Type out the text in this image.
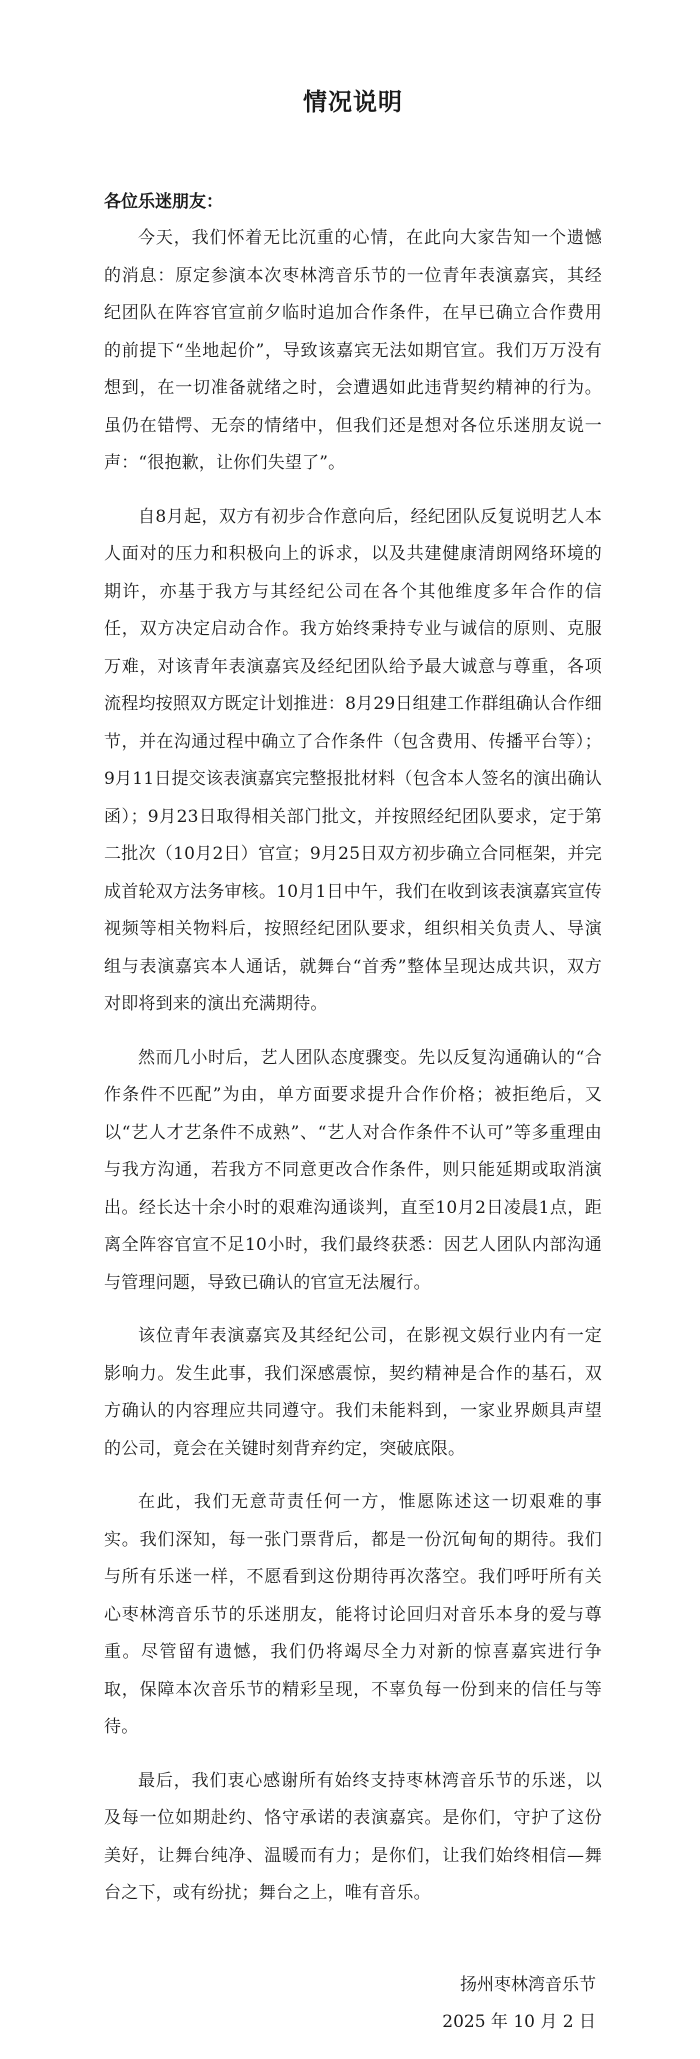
情况说明

各位乐迷朋友：

今天，我们怀着无比沉重的心情，在此向大家告知一个遗憾的消息：原定参演本次枣林湾音乐节的一位青年表演嘉宾，其经纪团队在阵容官宣前夕临时追加合作条件，在早已确立合作费用的前提下“坐地起价”，导致该嘉宾无法如期官宣。我们万万没有想到，在一切准备就绪之时，会遭遇如此违背契约精神的行为。虽仍在错愕、无奈的情绪中，但我们还是想对各位乐迷朋友说一声：“很抱歉，让你们失望了”。

自8月起，双方有初步合作意向后，经纪团队反复说明艺人本人面对的压力和积极向上的诉求，以及共建健康清朗网络环境的期许，亦基于我方与其经纪公司在各个其他维度多年合作的信任，双方决定启动合作。我方始终秉持专业与诚信的原则、克服万难，对该青年表演嘉宾及经纪团队给予最大诚意与尊重，各项流程均按照双方既定计划推进：8月29日组建工作群组确认合作细节，并在沟通过程中确立了合作条件（包含费用、传播平台等）；9月11日提交该表演嘉宾完整报批材料（包含本人签名的演出确认函）；9月23日取得相关部门批文，并按照经纪团队要求，定于第二批次（10月2日）官宣；9月25日双方初步确立合同框架，并完成首轮双方法务审核。10月1日中午，我们在收到该表演嘉宾宣传视频等相关物料后，按照经纪团队要求，组织相关负责人、导演组与表演嘉宾本人通话，就舞台“首秀”整体呈现达成共识，双方对即将到来的演出充满期待。

然而几小时后，艺人团队态度骤变。先以反复沟通确认的“合作条件不匹配”为由，单方面要求提升合作价格；被拒绝后，又以“艺人才艺条件不成熟”、“艺人对合作条件不认可”等多重理由与我方沟通，若我方不同意更改合作条件，则只能延期或取消演出。经长达十余小时的艰难沟通谈判，直至10月2日凌晨1点，距离全阵容官宣不足10小时，我们最终获悉：因艺人团队内部沟通与管理问题，导致已确认的官宣无法履行。

该位青年表演嘉宾及其经纪公司，在影视文娱行业内有一定影响力。发生此事，我们深感震惊，契约精神是合作的基石，双方确认的内容理应共同遵守。我们未能料到，一家业界颇具声望的公司，竟会在关键时刻背弃约定，突破底限。

在此，我们无意苛责任何一方，惟愿陈述这一切艰难的事实。我们深知，每一张门票背后，都是一份沉甸甸的期待。我们与所有乐迷一样，不愿看到这份期待再次落空。我们呼吁所有关心枣林湾音乐节的乐迷朋友，能将讨论回归对音乐本身的爱与尊重。尽管留有遗憾，我们仍将竭尽全力对新的惊喜嘉宾进行争取，保障本次音乐节的精彩呈现，不辜负每一份到来的信任与等待。

最后，我们衷心感谢所有始终支持枣林湾音乐节的乐迷，以及每一位如期赴约、恪守承诺的表演嘉宾。是你们，守护了这份美好，让舞台纯净、温暖而有力；是你们，让我们始终相信—舞台之下，或有纷扰；舞台之上，唯有音乐。

扬州枣林湾音乐节
2025 年 10 月 2 日
